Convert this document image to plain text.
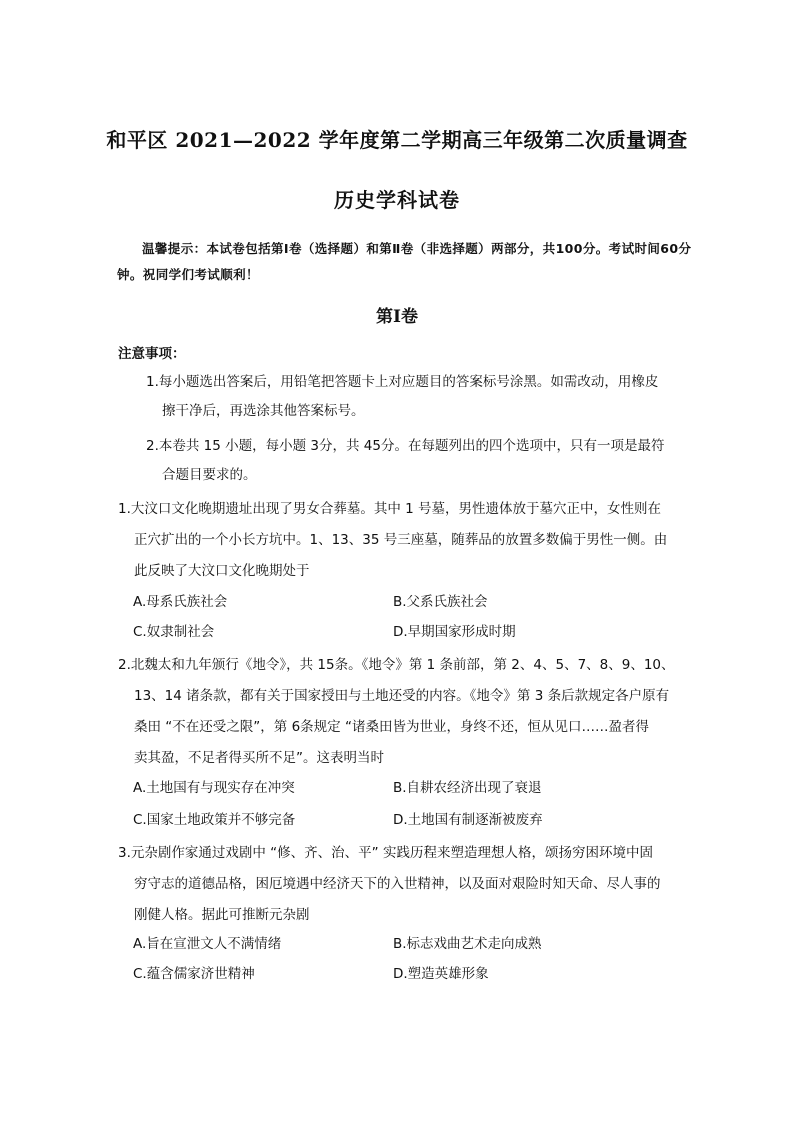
和平区 2021—2022 学年度第二学期高三年级第二次质量调查
历史学科试卷
温馨提示：本试卷包括第Ⅰ卷（选择题）和第Ⅱ卷（非选择题）两部分，共100分。考试时间60分钟。祝同学们考试顺利！
第Ⅰ卷
注意事项：
1.每小题选出答案后，用铅笔把答题卡上对应题目的答案标号涂黑。如需改动，用橡皮
擦干净后，再选涂其他答案标号。
2.本卷共 15 小题，每小题 3分，共 45分。在每题列出的四个选项中，只有一项是最符
合题目要求的。
1.大汶口文化晚期遗址出现了男女合葬墓。其中 1 号墓，男性遗体放于墓穴正中，女性则在
正穴扩出的一个小长方坑中。1、13、35 号三座墓，随葬品的放置多数偏于男性一侧。由
此反映了大汶口文化晚期处于
A.母系氏族社会	B.父系氏族社会
C.奴隶制社会	D.早期国家形成时期
2.北魏太和九年颁行《地令》，共 15条。《地令》第 1 条前部，第 2、4、5、7、8、9、10、
13、14 诸条款，都有关于国家授田与土地还受的内容。《地令》第 3 条后款规定各户原有
桑田 “不在还受之限”，第 6条规定 “诸桑田皆为世业，身终不还，恒从见口……盈者得
卖其盈，不足者得买所不足”。这表明当时
A.土地国有与现实存在冲突	B.自耕农经济出现了衰退
C.国家土地政策并不够完备	D.土地国有制逐渐被废弃
3.元杂剧作家通过戏剧中 “修、齐、治、平” 实践历程来塑造理想人格，颂扬穷困环境中固
穷守志的道德品格，困厄境遇中经济天下的入世精神，以及面对艰险时知天命、尽人事的
刚健人格。据此可推断元杂剧
A.旨在宣泄文人不满情绪	B.标志戏曲艺术走向成熟
C.蕴含儒家济世精神	D.塑造英雄形象
